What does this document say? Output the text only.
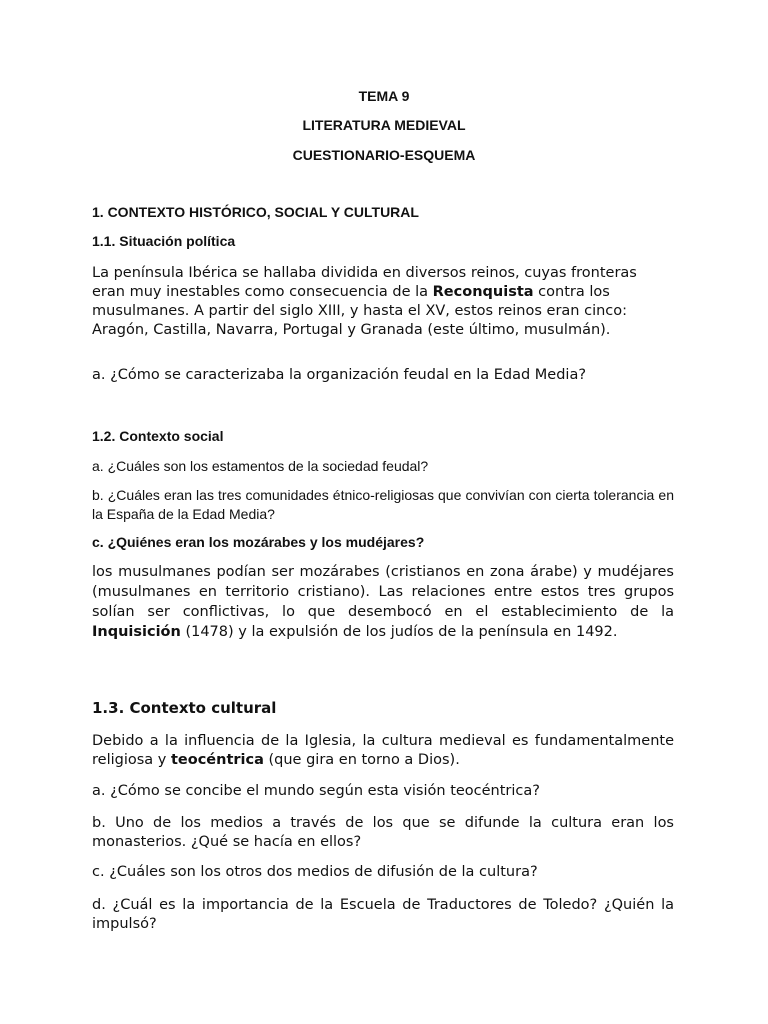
TEMA 9
LITERATURA MEDIEVAL
CUESTIONARIO-ESQUEMA
1. CONTEXTO HISTÓRICO, SOCIAL Y CULTURAL
1.1. Situación política
La península Ibérica se hallaba dividida en diversos reinos, cuyas fronteras eran muy inestables como consecuencia de la Reconquista contra los musulmanes. A partir del siglo XIII, y hasta el XV, estos reinos eran cinco: Aragón, Castilla, Navarra, Portugal y Granada (este último, musulmán).
a. ¿Cómo se caracterizaba la organización feudal en la Edad Media?
1.2. Contexto social
a. ¿Cuáles son los estamentos de la sociedad feudal?
b. ¿Cuáles eran las tres comunidades étnico-religiosas que convivían con cierta tolerancia en la España de la Edad Media?
c. ¿Quiénes eran los mozárabes y los mudéjares?
los musulmanes podían ser mozárabes (cristianos en zona árabe) y mudéjares (musulmanes en territorio cristiano). Las relaciones entre estos tres grupos solían ser conflictivas, lo que desembocó en el establecimiento de la Inquisición (1478) y la expulsión de los judíos de la península en 1492.
1.3. Contexto cultural
Debido a la influencia de la Iglesia, la cultura medieval es fundamentalmente religiosa y teocéntrica (que gira en torno a Dios).
a. ¿Cómo se concibe el mundo según esta visión teocéntrica?
b. Uno de los medios a través de los que se difunde la cultura eran los monasterios. ¿Qué se hacía en ellos?
c. ¿Cuáles son los otros dos medios de difusión de la cultura?
d. ¿Cuál es la importancia de la Escuela de Traductores de Toledo? ¿Quién la impulsó?
